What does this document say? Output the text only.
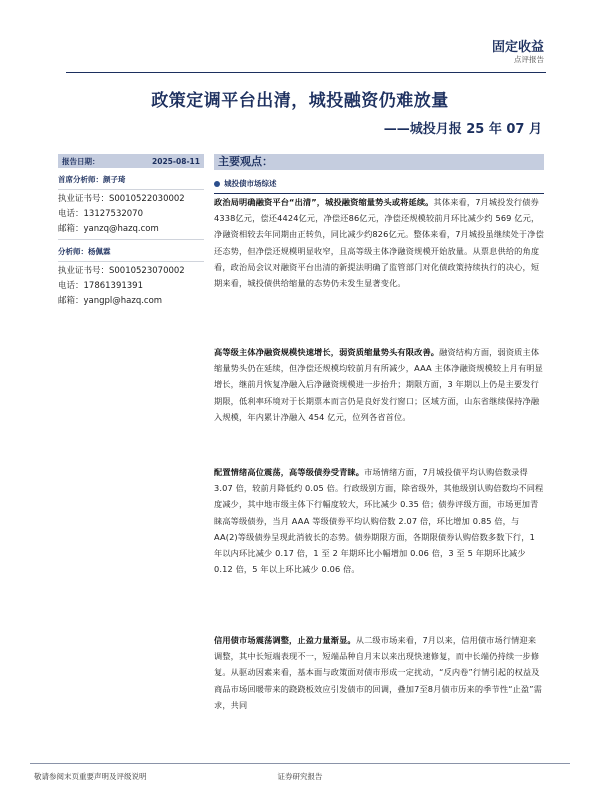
固定收益
点评报告
政策定调平台出清，城投融资仍难放量
——城投月报 25 年 07 月
报告日期：	2025-08-11
首席分析师：颜子琦
执业证书号：S0010522030002
电话：13127532070
邮箱：yanzq@hazq.com
分析师：杨佩霖
执业证书号：S0010523070002
电话：17861391391
邮箱：yangpl@hazq.com
主要观点：
城投债市场综述
政治局明确融资平台“出清”，城投融资缩量势头或将延续。其体来看，7月城投发行债券4338亿元，偿还4424亿元，净偿还86亿元，净偿还规模较前月环比减少约 569 亿元，净融资相较去年同期由正转负，同比减少约826亿元。整体来看，7月城投虽继续处于净偿还态势，但净偿还规模明显收窄，且高等级主体净融资规模开始放量。从票息供给的角度看，政治局会议对融资平台出清的新提法明确了监管部门对化债政策持续执行的决心，短期来看，城投债供给缩量的态势仍未发生显著变化。
高等级主体净融资规模快速增长，弱资质缩量势头有限改善。融资结构方面，弱资质主体缩量势头仍在延续，但净偿还规模均较前月有所减少，AAA 主体净融资规模较上月有明显增长，继前月恢复净融入后净融资规模进一步抬升；期限方面，3 年期以上仍是主要发行期限，低利率环境对于长期票本而言仍是良好发行窗口；区域方面，山东省继续保持净融入规模，年内累计净融入 454 亿元，位列各省首位。
配置情绪高位震荡，高等级债券受青睐。市场情绪方面，7月城投债平均认购倍数录得 3.07 倍，较前月降低约 0.05 倍。行政级别方面，除省级外，其他级别认购倍数均不同程度减少，其中地市级主体下行幅度较大，环比减少 0.35 倍；债券评级方面，市场更加青睐高等级债券，当月 AAA 等级债券平均认购倍数 2.07 倍，环比增加 0.85 倍，与 AA(2)等级债券呈现此消彼长的态势。债券期限方面，各期限债券认购倍数多数下行，1 年以内环比减少 0.17 倍，1 至 2 年期环比小幅增加 0.06 倍，3 至 5 年期环比减少 0.12 倍，5 年以上环比减少 0.06 倍。
信用债市场震荡调整，止盈力量渐显。从二级市场来看，7月以来，信用债市场行情迎来调整，其中长短端表现不一，短端品种自月末以来出现快速修复，而中长端仍持续一步修复。从驱动因素来看，基本面与政策面对债市形成一定扰动，“反内卷”行情引起的权益及商品市场回暖带来的跷跷板效应引发债市的回调，叠加7至8月债市历来的季节性“止盈”需求，共同
敬请参阅末页重要声明及评级说明	证券研究报告
